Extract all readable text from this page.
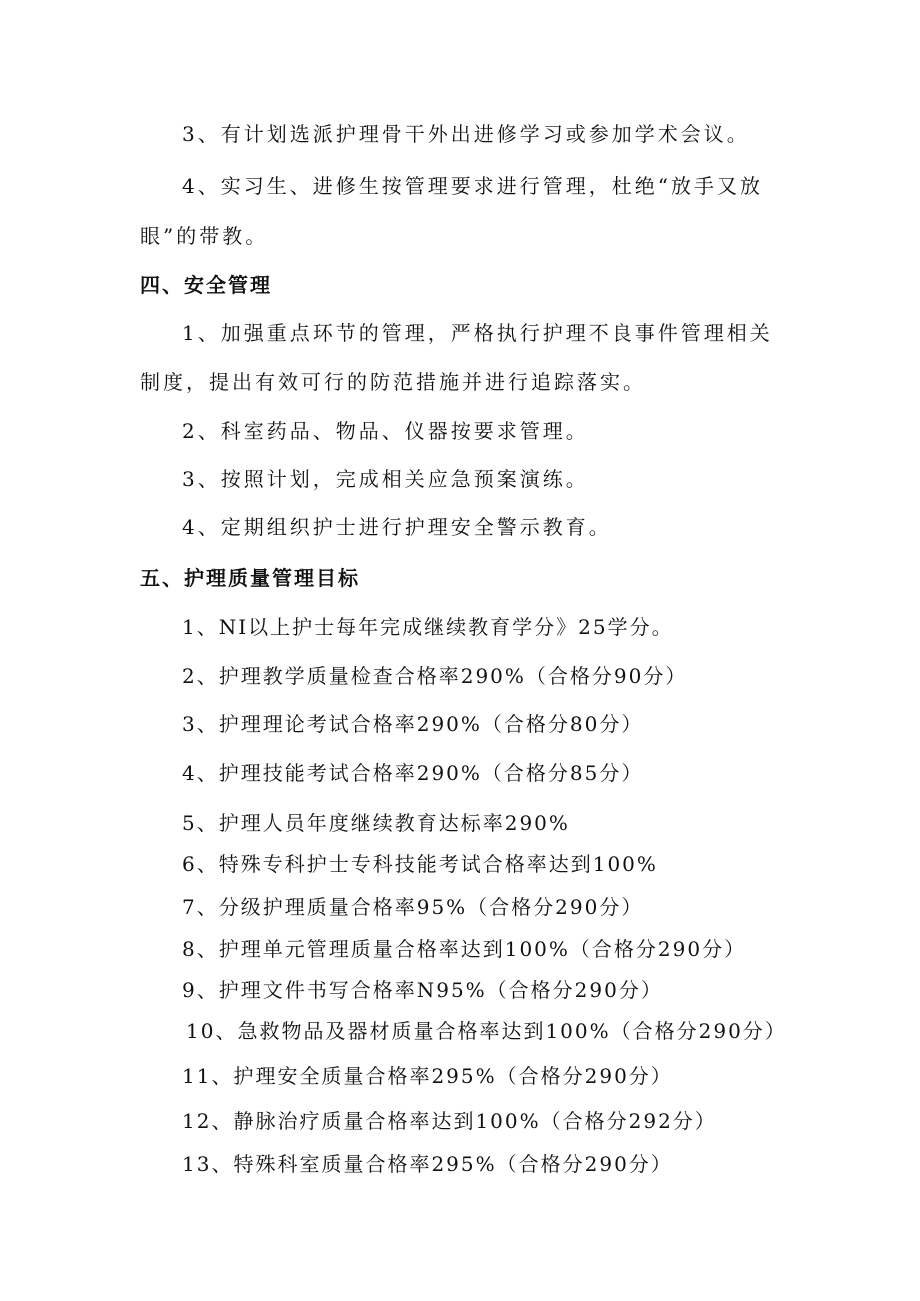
3、有计划选派护理骨干外出进修学习或参加学术会议。
4、实习生、进修生按管理要求进行管理，杜绝“放手又放
眼”的带教。
四、安全管理
1、加强重点环节的管理，严格执行护理不良事件管理相关
制度，提出有效可行的防范措施并进行追踪落实。
2、科室药品、物品、仪器按要求管理。
3、按照计划，完成相关应急预案演练。
4、定期组织护士进行护理安全警示教育。
五、护理质量管理目标
1、NI以上护士每年完成继续教育学分》25学分。
2、护理教学质量检查合格率290%（合格分90分）
3、护理理论考试合格率290%（合格分80分）
4、护理技能考试合格率290%（合格分85分）
5、护理人员年度继续教育达标率290%
6、特殊专科护士专科技能考试合格率达到100%
7、分级护理质量合格率95%（合格分290分）
8、护理单元管理质量合格率达到100%（合格分290分）
9、护理文件书写合格率N95%（合格分290分）
10、急救物品及器材质量合格率达到100%（合格分290分）
11、护理安全质量合格率295%（合格分290分）
12、静脉治疗质量合格率达到100%（合格分292分）
13、特殊科室质量合格率295%（合格分290分）
